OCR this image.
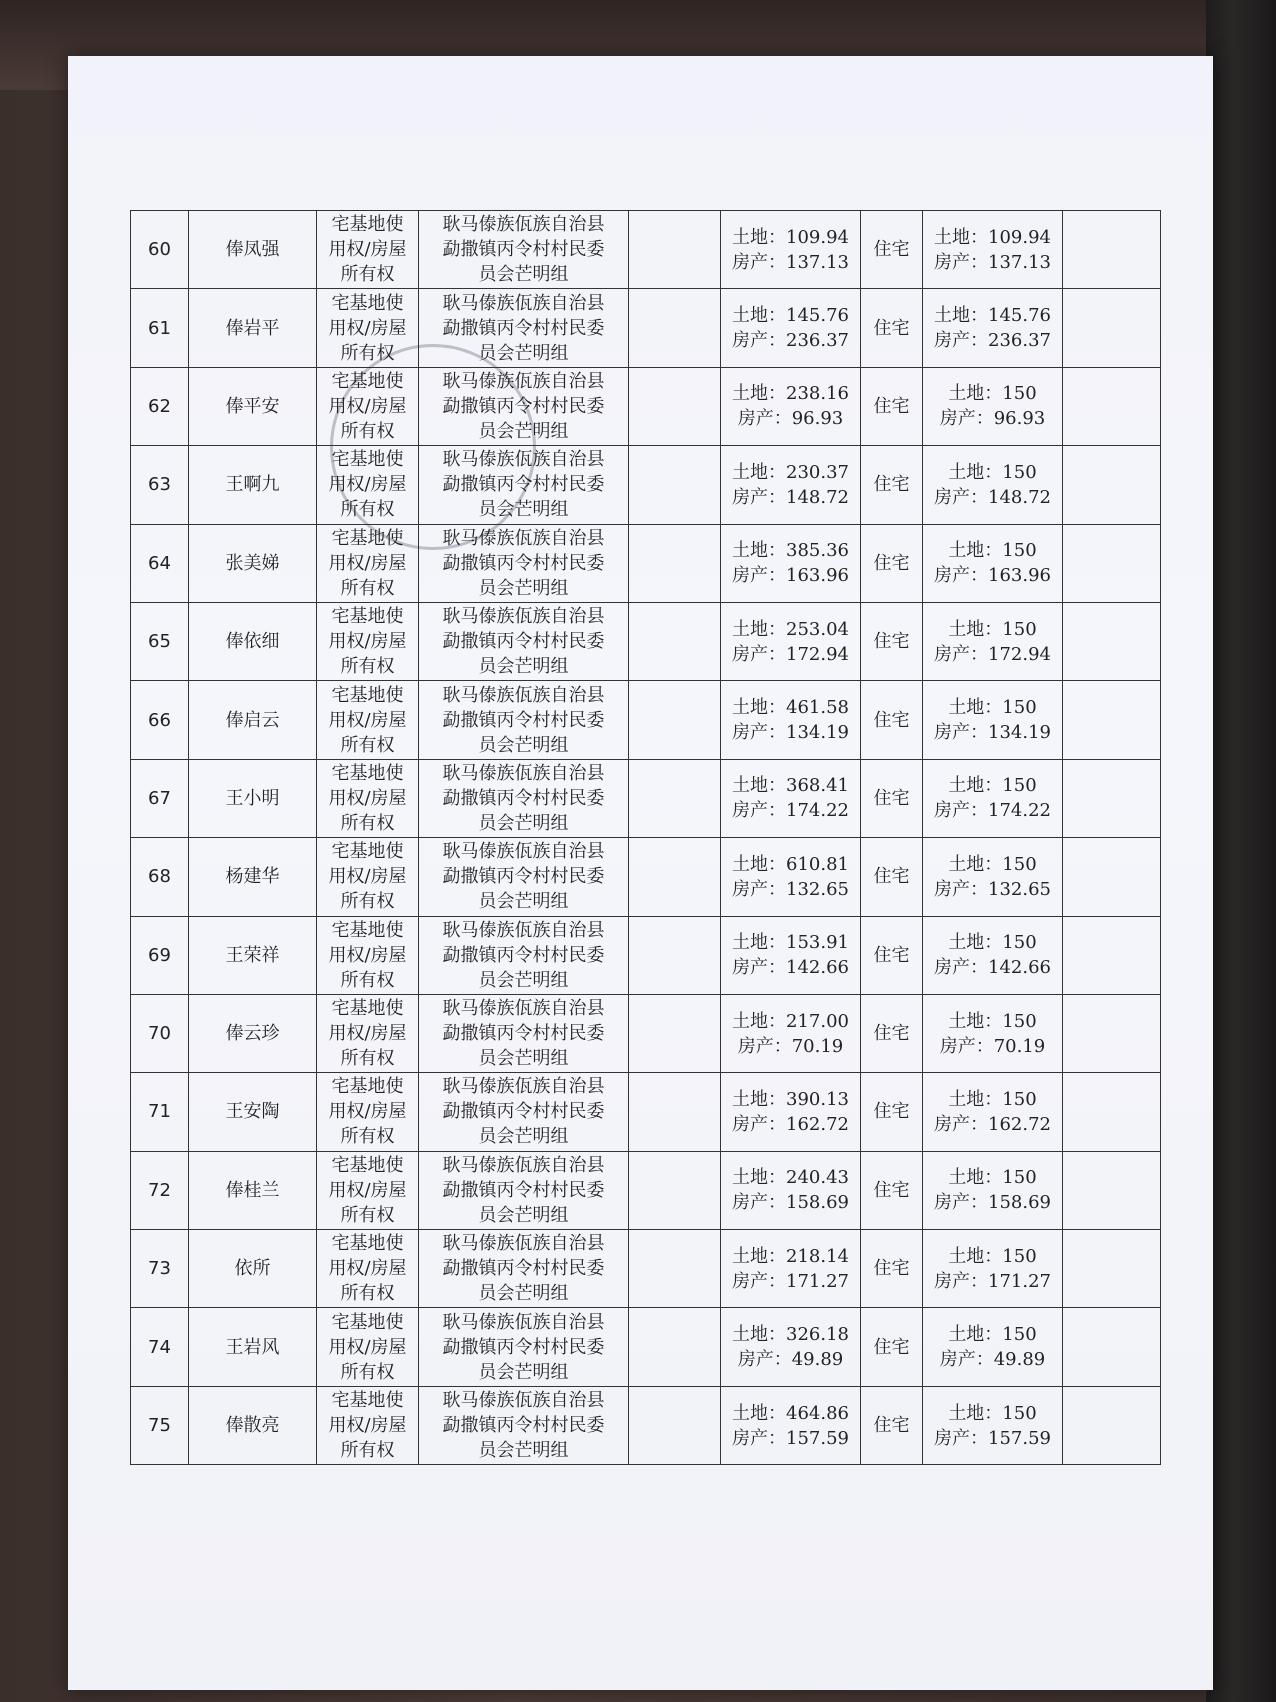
60	俸凤强	宅基地使
用权/房屋
所有权	耿马傣族佤族自治县
勐撒镇丙令村村民委
员会芒明组		土地：109.94
房产：137.13	住宅	土地：109.94
房产：137.13	

61	俸岩平	宅基地使
用权/房屋
所有权	耿马傣族佤族自治县
勐撒镇丙令村村民委
员会芒明组		土地：145.76
房产：236.37	住宅	土地：145.76
房产：236.37	

62	俸平安	宅基地使
用权/房屋
所有权	耿马傣族佤族自治县
勐撒镇丙令村村民委
员会芒明组		土地：238.16
房产：96.93	住宅	土地：150
房产：96.93	

63	王啊九	宅基地使
用权/房屋
所有权	耿马傣族佤族自治县
勐撒镇丙令村村民委
员会芒明组		土地：230.37
房产：148.72	住宅	土地：150
房产：148.72	

64	张美娣	宅基地使
用权/房屋
所有权	耿马傣族佤族自治县
勐撒镇丙令村村民委
员会芒明组		土地：385.36
房产：163.96	住宅	土地：150
房产：163.96	

65	俸依细	宅基地使
用权/房屋
所有权	耿马傣族佤族自治县
勐撒镇丙令村村民委
员会芒明组		土地：253.04
房产：172.94	住宅	土地：150
房产：172.94	

66	俸启云	宅基地使
用权/房屋
所有权	耿马傣族佤族自治县
勐撒镇丙令村村民委
员会芒明组		土地：461.58
房产：134.19	住宅	土地：150
房产：134.19	

67	王小明	宅基地使
用权/房屋
所有权	耿马傣族佤族自治县
勐撒镇丙令村村民委
员会芒明组		土地：368.41
房产：174.22	住宅	土地：150
房产：174.22	

68	杨建华	宅基地使
用权/房屋
所有权	耿马傣族佤族自治县
勐撒镇丙令村村民委
员会芒明组		土地：610.81
房产：132.65	住宅	土地：150
房产：132.65	

69	王荣祥	宅基地使
用权/房屋
所有权	耿马傣族佤族自治县
勐撒镇丙令村村民委
员会芒明组		土地：153.91
房产：142.66	住宅	土地：150
房产：142.66	

70	俸云珍	宅基地使
用权/房屋
所有权	耿马傣族佤族自治县
勐撒镇丙令村村民委
员会芒明组		土地：217.00
房产：70.19	住宅	土地：150
房产：70.19	

71	王安陶	宅基地使
用权/房屋
所有权	耿马傣族佤族自治县
勐撒镇丙令村村民委
员会芒明组		土地：390.13
房产：162.72	住宅	土地：150
房产：162.72	

72	俸桂兰	宅基地使
用权/房屋
所有权	耿马傣族佤族自治县
勐撒镇丙令村村民委
员会芒明组		土地：240.43
房产：158.69	住宅	土地：150
房产：158.69	

73	依所	宅基地使
用权/房屋
所有权	耿马傣族佤族自治县
勐撒镇丙令村村民委
员会芒明组		土地：218.14
房产：171.27	住宅	土地：150
房产：171.27	

74	王岩风	宅基地使
用权/房屋
所有权	耿马傣族佤族自治县
勐撒镇丙令村村民委
员会芒明组		土地：326.18
房产：49.89	住宅	土地：150
房产：49.89	

75	俸散亮	宅基地使
用权/房屋
所有权	耿马傣族佤族自治县
勐撒镇丙令村村民委
员会芒明组		土地：464.86
房产：157.59	住宅	土地：150
房产：157.59	
